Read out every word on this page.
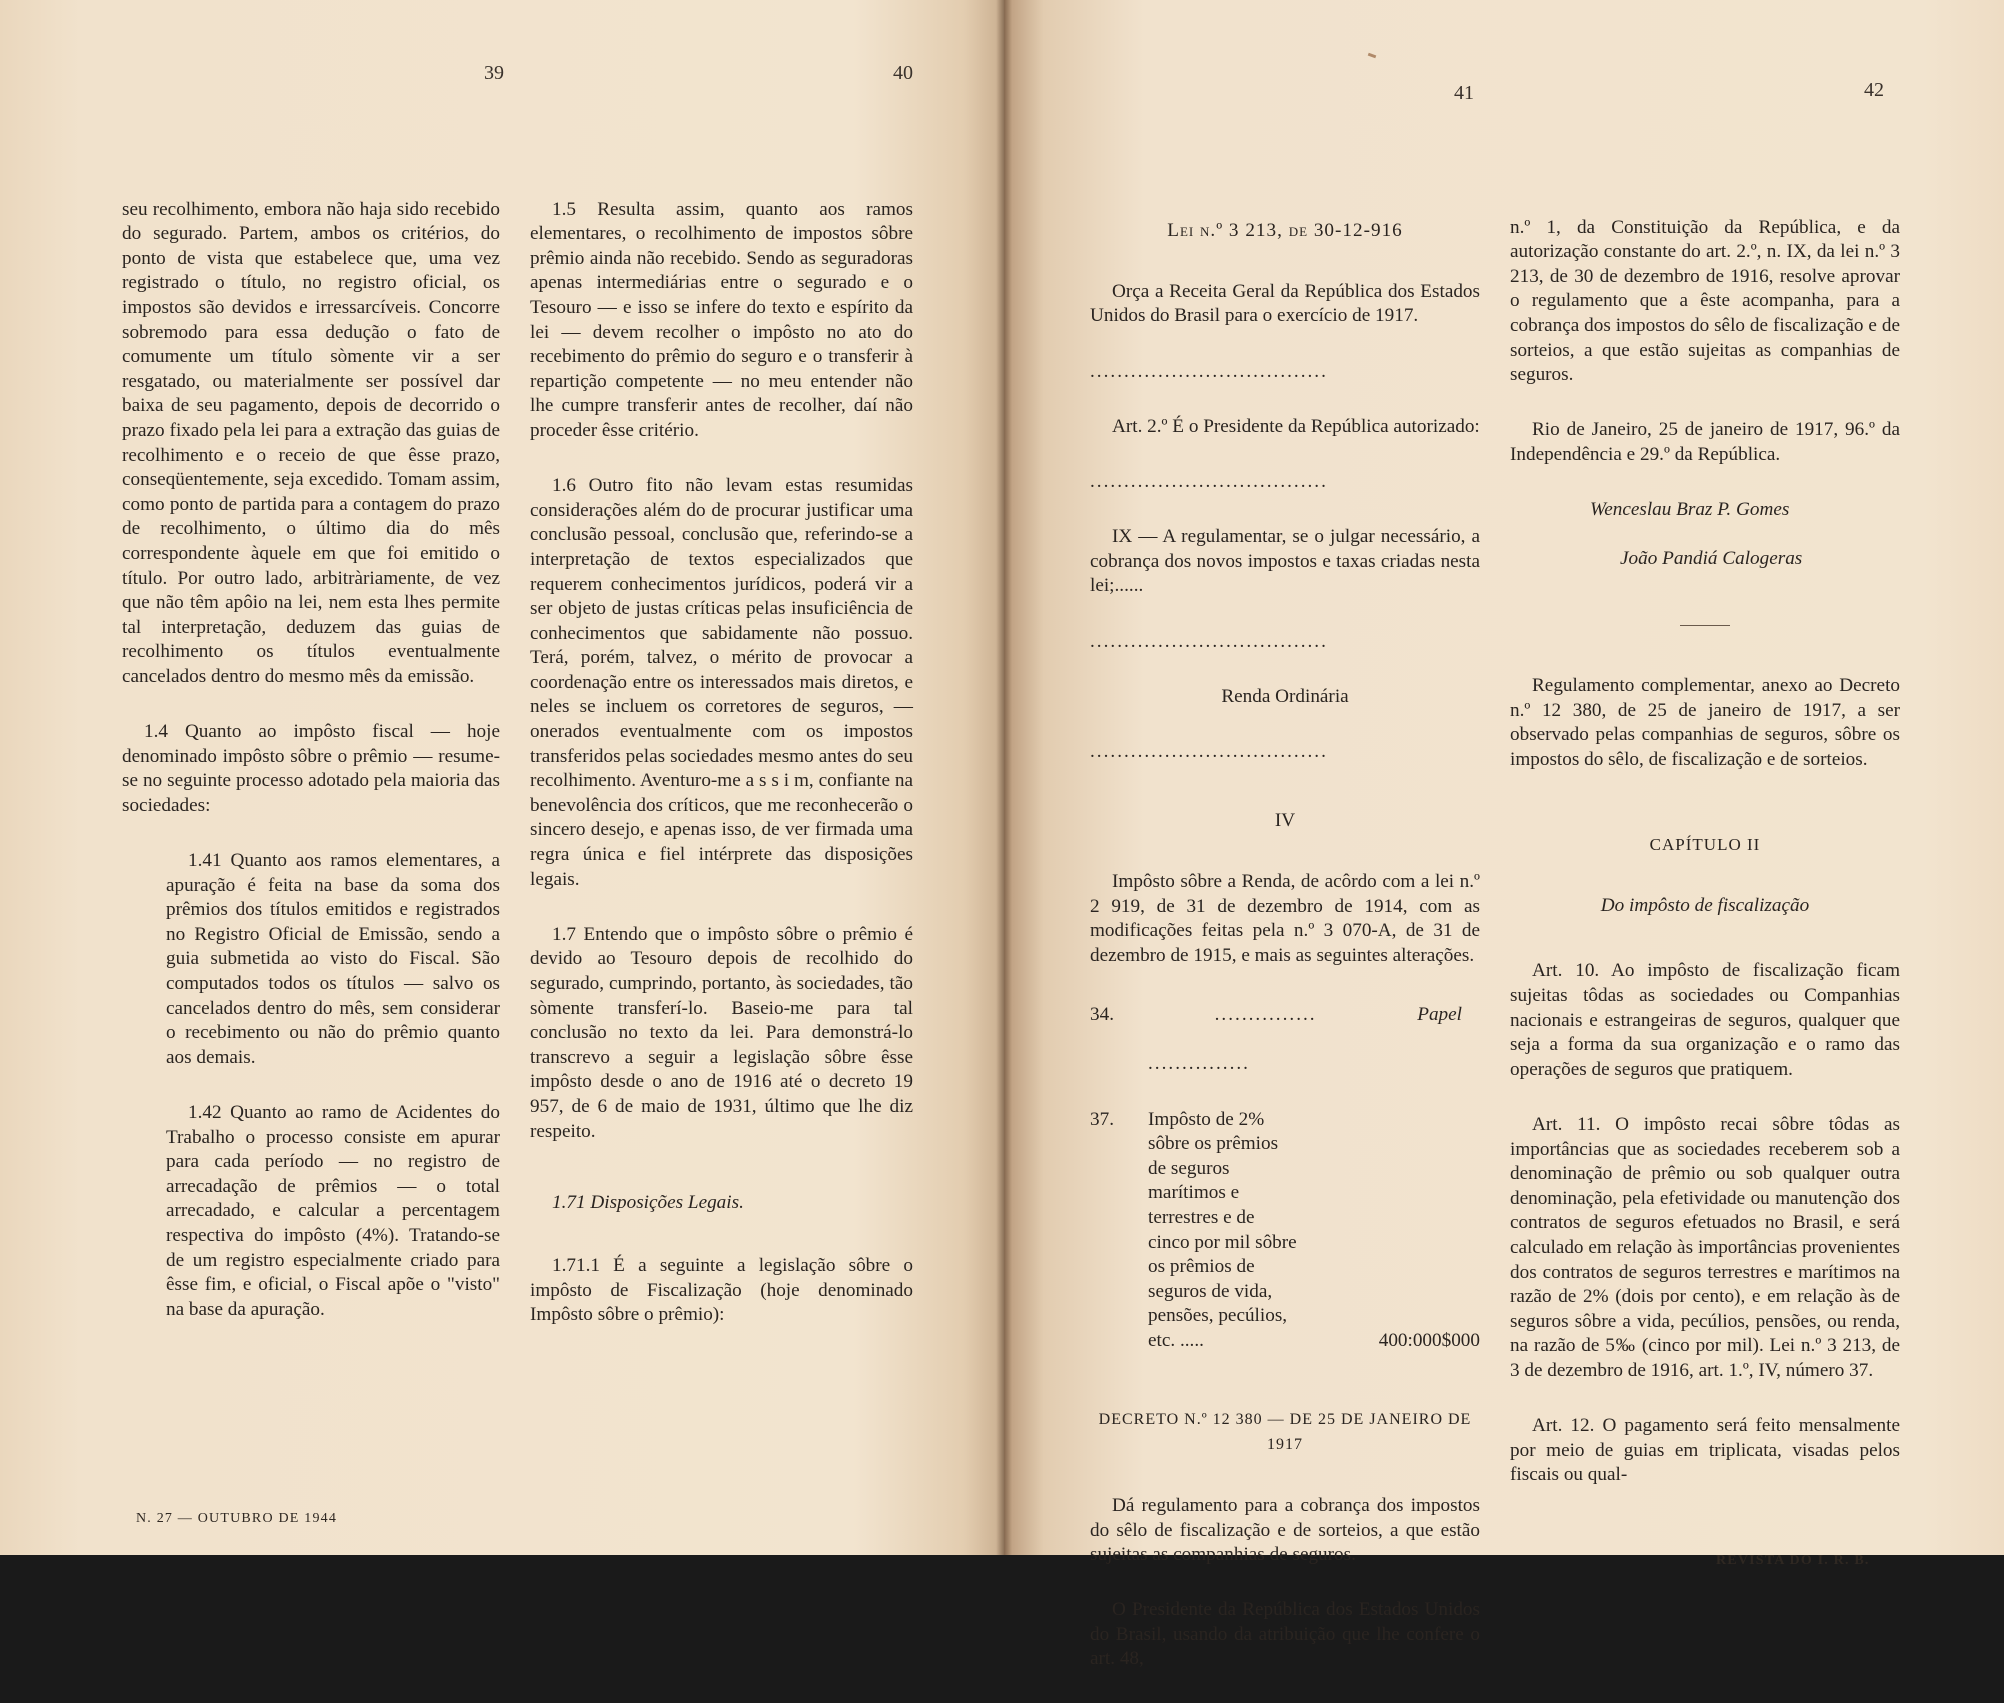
39	40
41	42

seu recolhimento, embora não haja sido recebido do segurado. Partem, ambos os critérios, do ponto de vista que estabelece que, uma vez registrado o título, no registro oficial, os impostos são devidos e irressarcíveis. Concorre sobremodo para essa dedução o fato de comumente um título sòmente vir a ser resgatado, ou materialmente ser possível dar baixa de seu pagamento, depois de decorrido o prazo fixado pela lei para a extração das guias de recolhimento e o receio de que êsse prazo, conseqüentemente, seja excedido. Tomam assim, como ponto de partida para a contagem do prazo de recolhimento, o último dia do mês correspondente àquele em que foi emitido o título. Por outro lado, arbitràriamente, de vez que não têm apôio na lei, nem esta lhes permite tal interpretação, deduzem das guias de recolhimento os títulos eventualmente cancelados dentro do mesmo mês da emissão.

1.4 Quanto ao impôsto fiscal — hoje denominado impôsto sôbre o prêmio — resume-se no seguinte processo adotado pela maioria das sociedades:

1.41 Quanto aos ramos elementares, a apuração é feita na base da soma dos prêmios dos títulos emitidos e registrados no Registro Oficial de Emissão, sendo a guia submetida ao visto do Fiscal. São computados todos os títulos — salvo os cancelados dentro do mês, sem considerar o recebimento ou não do prêmio quanto aos demais.

1.42 Quanto ao ramo de Acidentes do Trabalho o processo consiste em apurar para cada período — no registro de arrecadação de prêmios — o total arrecadado, e calcular a percentagem respectiva do impôsto (4%). Tratando-se de um registro especialmente criado para êsse fim, e oficial, o Fiscal apõe o "visto" na base da apuração.

1.5 Resulta assim, quanto aos ramos elementares, o recolhimento de impostos sôbre prêmio ainda não recebido. Sendo as seguradoras apenas intermediárias entre o segurado e o Tesouro — e isso se infere do texto e espírito da lei — devem recolher o impôsto no ato do recebimento do prêmio do seguro e o transferir à repartição competente — no meu entender não lhe cumpre transferir antes de recolher, daí não proceder êsse critério.

1.6 Outro fito não levam estas resumidas considerações além do de procurar justificar uma conclusão pessoal, conclusão que, referindo-se a interpretação de textos especializados que requerem conhecimentos jurídicos, poderá vir a ser objeto de justas críticas pelas insuficiência de conhecimentos que sabidamente não possuo. Terá, porém, talvez, o mérito de provocar a coordenação entre os interessados mais diretos, e neles se incluem os corretores de seguros, — onerados eventualmente com os impostos transferidos pelas sociedades mesmo antes do seu recolhimento. Aventuro-me a s s i m, confiante na benevolência dos críticos, que me reconhecerão o sincero desejo, e apenas isso, de ver firmada uma regra única e fiel intérprete das disposições legais.

1.7 Entendo que o impôsto sôbre o prêmio é devido ao Tesouro depois de recolhido do segurado, cumprindo, portanto, às sociedades, tão sòmente transferí-lo. Baseio-me para tal conclusão no texto da lei. Para demonstrá-lo transcrevo a seguir a legislação sôbre êsse impôsto desde o ano de 1916 até o decreto 19 957, de 6 de maio de 1931, último que lhe diz respeito.

1.71 Disposições Legais.

1.71.1 É a seguinte a legislação sôbre o impôsto de Fiscalização (hoje denominado Impôsto sôbre o prêmio):

Lei n.º 3 213, de 30-12-916

Orça a Receita Geral da República dos Estados Unidos do Brasil para o exercício de 1917.

...................................

Art. 2.º É o Presidente da República autorizado:

...................................

IX — A regulamentar, se o julgar necessário, a cobrança dos novos impostos e taxas criadas nesta lei;......

...................................

Renda Ordinária

...................................

IV

Impôsto sôbre a Renda, de acôrdo com a lei n.º 2 919, de 31 de dezembro de 1914, com as modificações feitas pela n.º 3 070-A, de 31 de dezembro de 1915, e mais as seguintes alterações.

34.	...............	Papel

...............

37.	Impôsto de 2% sôbre os prêmios de seguros marítimos e terrestres e de cinco por mil sôbre os prêmios de seguros de vida, pensões, pecúlios, etc. .....	400:000$000

DECRETO N.º 12 380 — DE 25 DE JANEIRO DE 1917

Dá regulamento para a cobrança dos impostos do sêlo de fiscalização e de sorteios, a que estão sujeitas as companhias de seguros.

O Presidente da República dos Estados Unidos do Brasil, usando da atribuição que lhe confere o art. 48,

n.º 1, da Constituição da República, e da autorização constante do art. 2.º, n. IX, da lei n.º 3 213, de 30 de dezembro de 1916, resolve aprovar o regulamento que a êste acompanha, para a cobrança dos impostos do sêlo de fiscalização e de sorteios, a que estão sujeitas as companhias de seguros.

Rio de Janeiro, 25 de janeiro de 1917, 96.º da Independência e 29.º da República.

Wenceslau Braz P. Gomes

João Pandiá Calogeras

Regulamento complementar, anexo ao Decreto n.º 12 380, de 25 de janeiro de 1917, a ser observado pelas companhias de seguros, sôbre os impostos do sêlo, de fiscalização e de sorteios.

CAPÍTULO II

Do impôsto de fiscalização

Art. 10. Ao impôsto de fiscalização ficam sujeitas tôdas as sociedades ou Companhias nacionais e estrangeiras de seguros, qualquer que seja a forma da sua organização e o ramo das operações de seguros que pratiquem.

Art. 11. O impôsto recai sôbre tôdas as importâncias que as sociedades receberem sob a denominação de prêmio ou sob qualquer outra denominação, pela efetividade ou manutenção dos contratos de seguros efetuados no Brasil, e será calculado em relação às importâncias provenientes dos contratos de seguros terrestres e marítimos na razão de 2% (dois por cento), e em relação às de seguros sôbre a vida, pecúlios, pensões, ou renda, na razão de 5‰ (cinco por mil). Lei n.º 3 213, de 3 de dezembro de 1916, art. 1.º, IV, número 37.

Art. 12. O pagamento será feito mensalmente por meio de guias em triplicata, visadas pelos fiscais ou qual-

N. 27 — OUTUBRO DE 1944
REVISTA DO I. R. B.
